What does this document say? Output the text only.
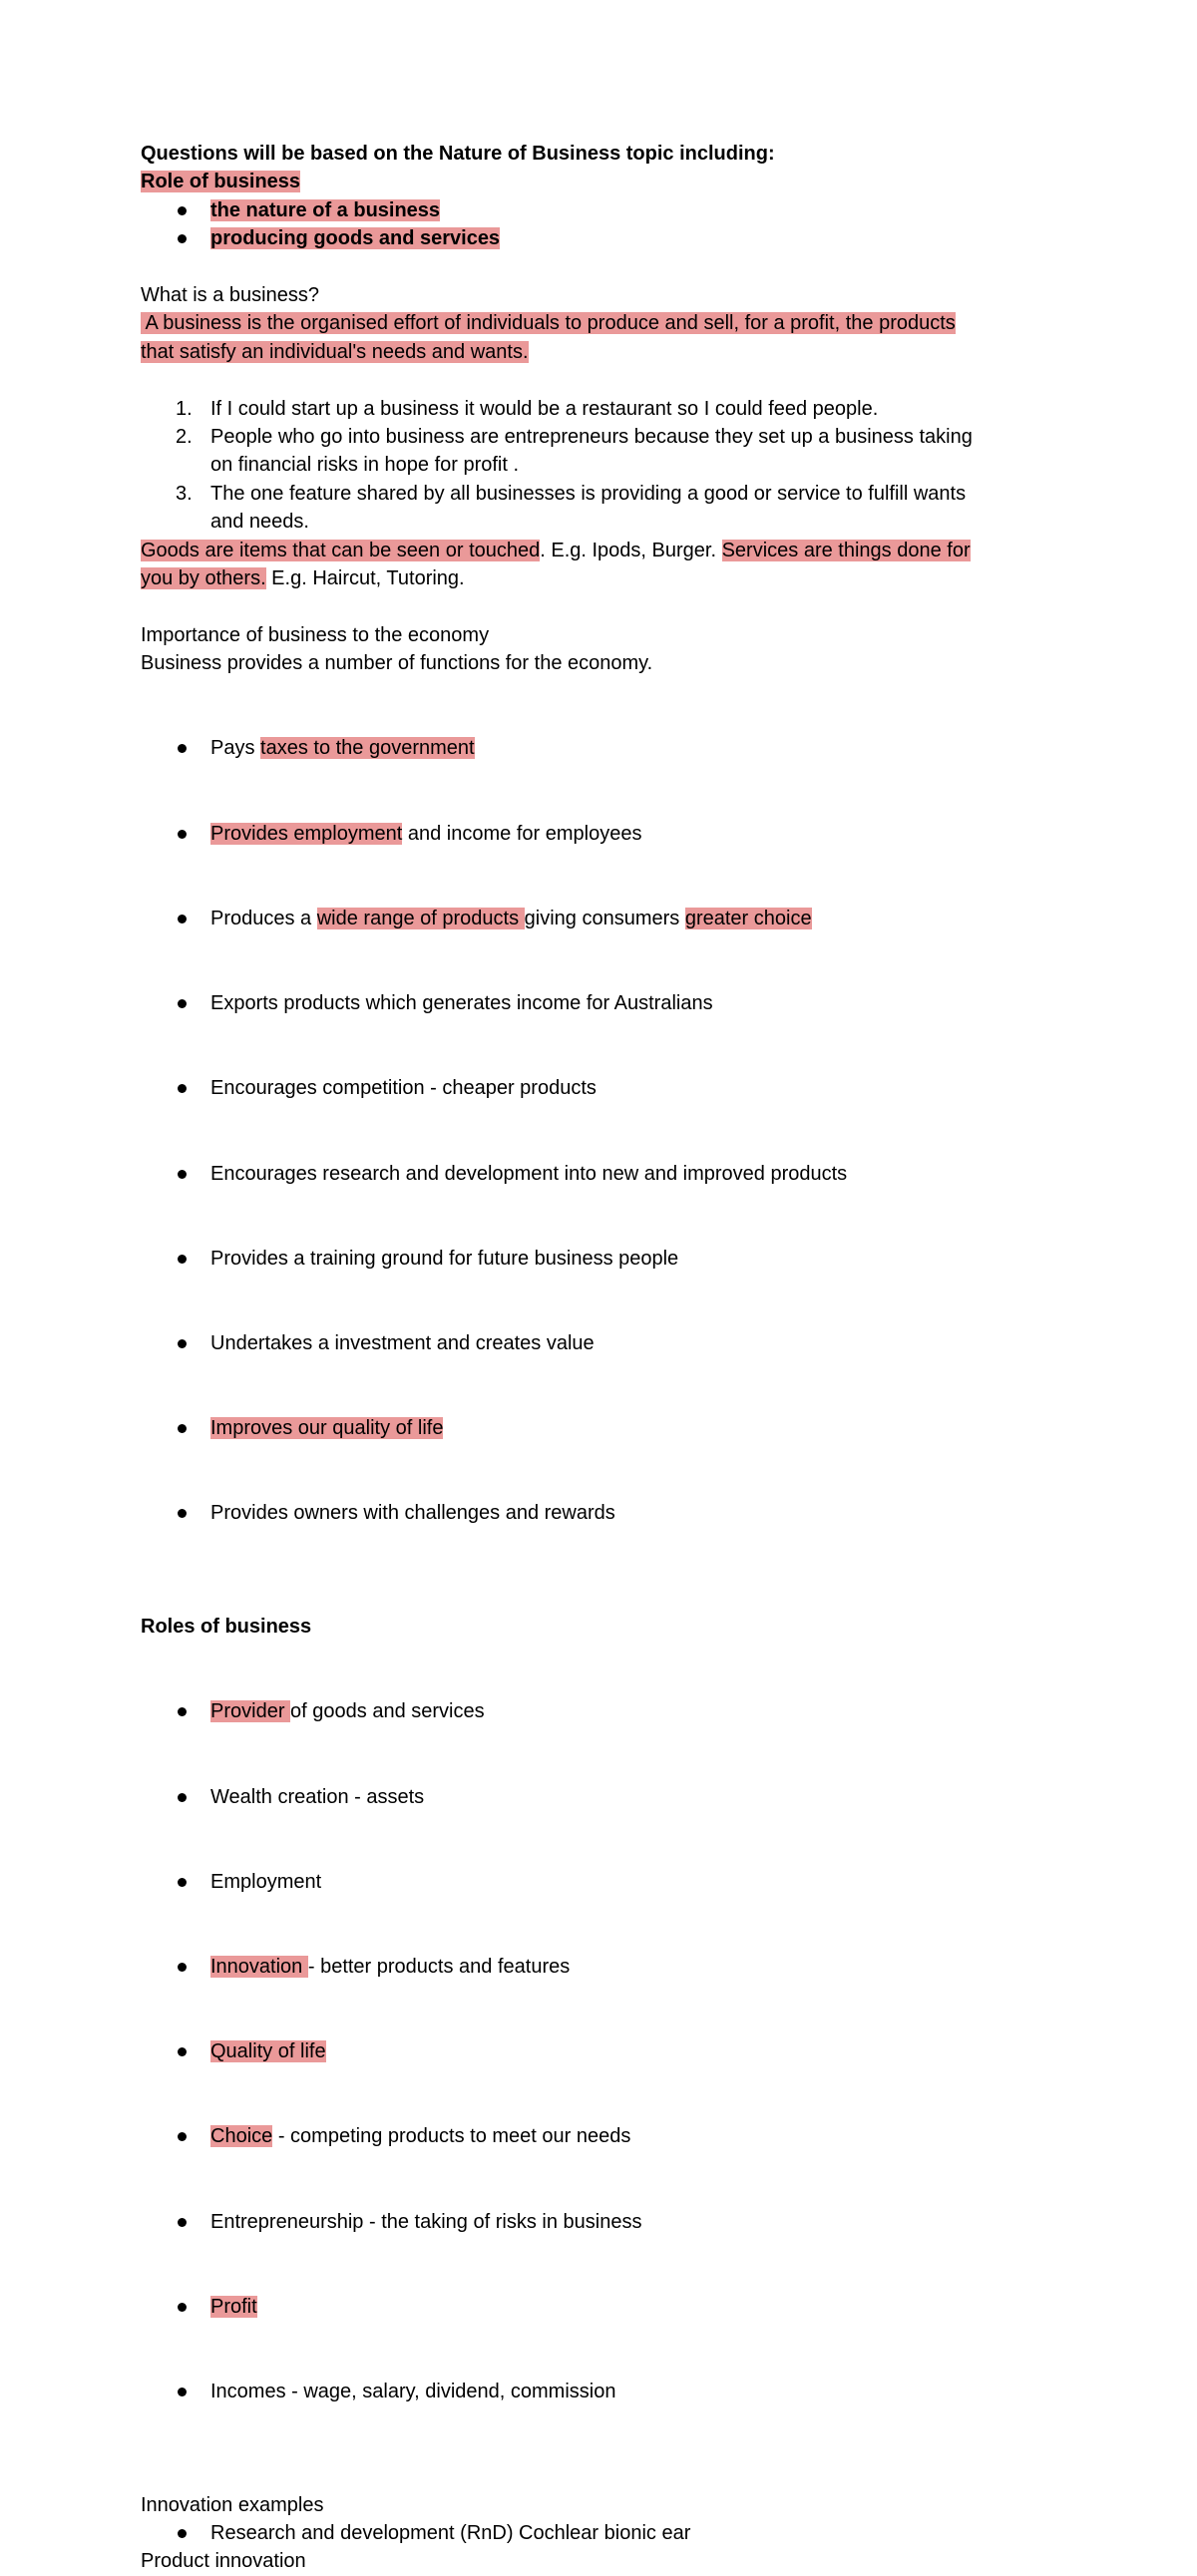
Questions will be based on the Nature of Business topic including:
Role of business
the nature of a business
producing goods and services
What is a business?
A business is the organised effort of individuals to produce and sell, for a profit, the products
that satisfy an individual's needs and wants.
1. If I could start up a business it would be a restaurant so I could feed people.
2. People who go into business are entrepreneurs because they set up a business taking
on financial risks in hope for profit .
3. The one feature shared by all businesses is providing a good or service to fulfill wants
and needs.
Goods are items that can be seen or touched. E.g. Ipods, Burger. Services are things done for
you by others. E.g. Haircut, Tutoring.
Importance of business to the economy
Business provides a number of functions for the economy.

Pays taxes to the government

Provides employment and income for employees

Produces a wide range of products giving consumers greater choice

Exports products which generates income for Australians

Encourages competition - cheaper products

Encourages research and development into new and improved products

Provides a training ground for future business people

Undertakes a investment and creates value

Improves our quality of life

Provides owners with challenges and rewards

Roles of business

Provider of goods and services

Wealth creation - assets

Employment

Innovation - better products and features

Quality of life

Choice - competing products to meet our needs

Entrepreneurship - the taking of risks in business

Profit

Incomes - wage, salary, dividend, commission

Innovation examples
Research and development (RnD) Cochlear bionic ear
Product innovation
